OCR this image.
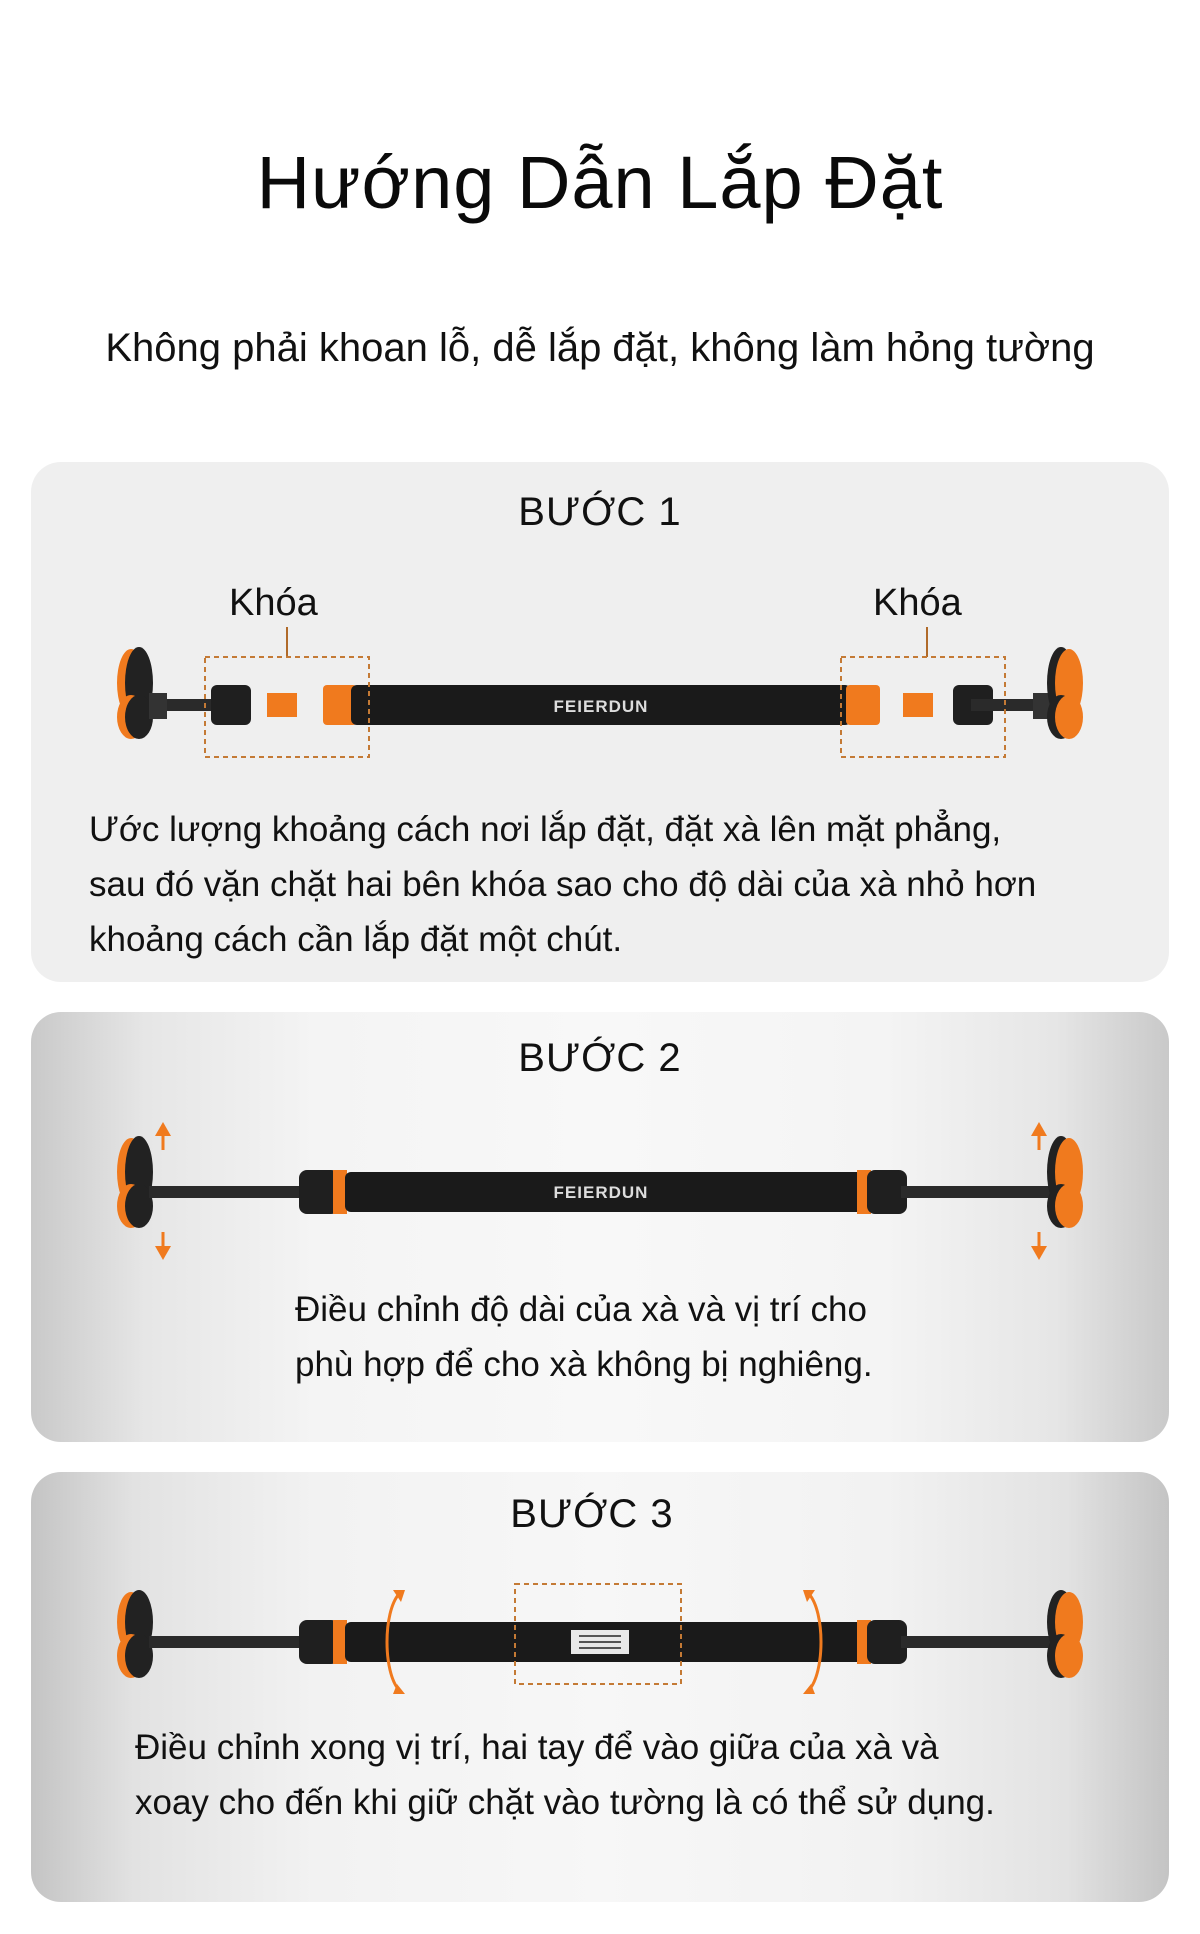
Hướng Dẫn Lắp Đặt
Không phải khoan lỗ, dễ lắp đặt, không làm hỏng tường
BƯỚC 1
Khóa	Khóa
FEIERDUN
Ước lượng khoảng cách nơi lắp đặt, đặt xà lên mặt phẳng,
sau đó vặn chặt hai bên khóa sao cho độ dài của xà nhỏ hơn
khoảng cách cần lắp đặt một chút.
BƯỚC 2
FEIERDUN
Điều chỉnh độ dài của xà và vị trí cho
phù hợp để cho xà không bị nghiêng.
BƯỚC 3
Điều chỉnh xong vị trí, hai tay để vào giữa của xà và
xoay cho đến khi giữ chặt vào tường là có thể sử dụng.
